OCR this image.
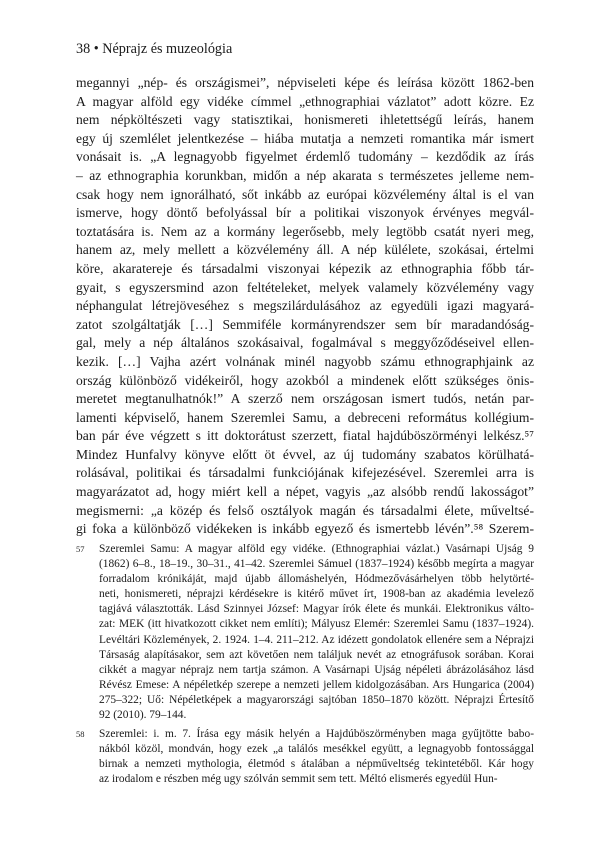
38 • Néprajz és muzeológia
megannyi „nép- és országismei”, népviseleti képe és leírása között 1862-ben
A magyar alföld egy vidéke címmel „ethnographiai vázlatot” adott közre. Ez
nem népköltészeti vagy statisztikai, honismereti ihletettségű leírás, hanem
egy új szemlélet jelentkezése – hiába mutatja a nemzeti romantika már ismert
vonásait is. „A legnagyobb figyelmet érdemlő tudomány – kezdődik az írás
– az ethnographia korunkban, midőn a nép akarata s természetes jelleme nem-
csak hogy nem ignorálható, sőt inkább az európai közvélemény által is el van
ismerve, hogy döntő befolyással bír a politikai viszonyok érvényes megvál-
toztatására is. Nem az a kormány legerősebb, mely legtöbb csatát nyeri meg,
hanem az, mely mellett a közvélemény áll. A nép külélete, szokásai, értelmi
köre, akaratereje és társadalmi viszonyai képezik az ethnographia főbb tár-
gyait, s egyszersmind azon feltételeket, melyek valamely közvélemény vagy
néphangulat létrejöveséhez s megszilárdulásához az egyedüli igazi magyará-
zatot szolgáltatják […] Semmiféle kormányrendszer sem bír maradandóság-
gal, mely a nép általános szokásaival, fogalmával s meggyőződéseivel ellen-
kezik. […] Vajha azért volnának minél nagyobb számu ethnographjaink az
ország különböző vidékeiről, hogy azokból a mindenek előtt szükséges önis-
meretet megtanulhatnók!” A szerző nem országosan ismert tudós, netán par-
lamenti képviselő, hanem Szeremlei Samu, a debreceni református kollégium-
ban pár éve végzett s itt doktorátust szerzett, fiatal hajdúböszörményi lelkész.⁵⁷
Mindez Hunfalvy könyve előtt öt évvel, az új tudomány szabatos körülhatá-
rolásával, politikai és társadalmi funkciójának kifejezésével. Szeremlei arra is
magyarázatot ad, hogy miért kell a népet, vagyis „az alsóbb rendű lakosságot”
megismerni: „a közép és felső osztályok magán és társadalmi élete, műveltsé-
gi foka a különböző vidékeken is inkább egyező és ismertebb lévén”.⁵⁸ Szerem-
57 Szeremlei Samu: A magyar alföld egy vidéke. (Ethnographiai vázlat.) Vasárnapi Ujság 9
(1862) 6–8., 18–19., 30–31., 41–42. Szeremlei Sámuel (1837–1924) később megírta a magyar
forradalom krónikáját, majd újabb állomáshelyén, Hódmezővásárhelyen több helytörté-
neti, honismereti, néprajzi kérdésekre is kitérő művet írt, 1908-ban az akadémia levelező
tagjává választották. Lásd Szinnyei József: Magyar írók élete és munkái. Elektronikus válto-
zat: MEK (itt hivatkozott cikket nem említi); Mályusz Elemér: Szeremlei Samu (1837–1924).
Levéltári Közlemények, 2. 1924. 1–4. 211–212. Az idézett gondolatok ellenére sem a Néprajzi
Társaság alapításakor, sem azt követően nem találjuk nevét az etnográfusok sorában. Korai
cikkét a magyar néprajz nem tartja számon. A Vasárnapi Ujság népéleti ábrázolásához lásd
Révész Emese: A népéletkép szerepe a nemzeti jellem kidolgozásában. Ars Hungarica (2004)
275–322; Uő: Népéletképek a magyarországi sajtóban 1850–1870 között. Néprajzi Értesítő
92 (2010). 79–144.
58 Szeremlei: i. m. 7. Írása egy másik helyén a Hajdúböszörményben maga gyűjtötte babo-
nákból közöl, mondván, hogy ezek „a találós mesékkel együtt, a legnagyobb fontossággal
birnak a nemzeti mythologia, életmód s átalában a népműveltség tekintetéből. Kár hogy
az irodalom e részben még ugy szólván semmit sem tett. Méltó elismerés egyedül Hun-
